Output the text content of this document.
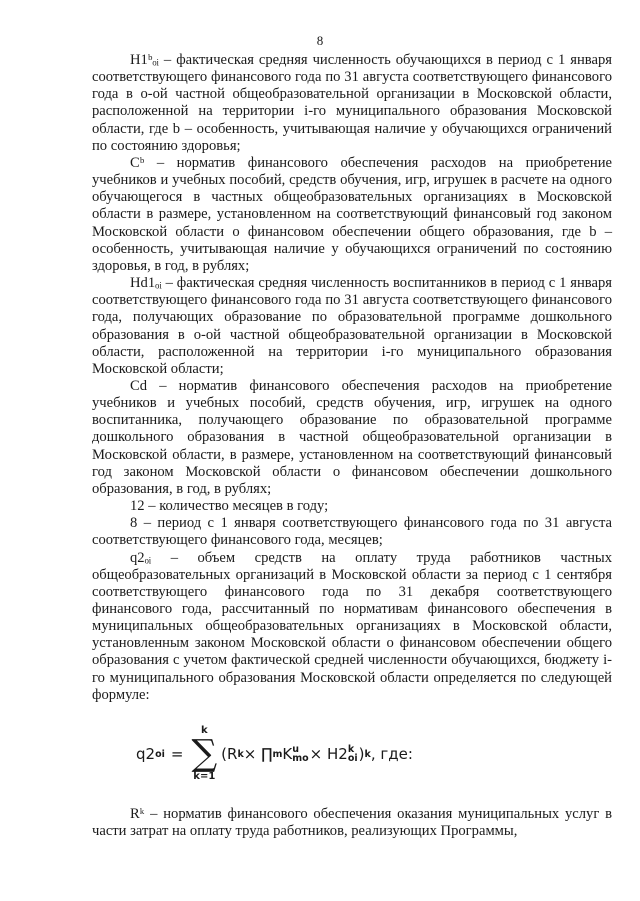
8

H1ᵇₒᵢ – фактическая средняя численность обучающихся в период с 1 января соответствующего финансового года по 31 августа соответствующего финансового года в о-ой частной общеобразовательной организации в Московской области, расположенной на территории i-го муниципального образования Московской области, где b – особенность, учитывающая наличие у обучающихся ограничений по состоянию здоровья;

Сᵇ – норматив финансового обеспечения расходов на приобретение учебников и учебных пособий, средств обучения, игр, игрушек в расчете на одного обучающегося в частных общеобразовательных организациях в Московской области в размере, установленном на соответствующий финансовый год законом Московской области о финансовом обеспечении общего образования, где b – особенность, учитывающая наличие у обучающихся ограничений по состоянию здоровья, в год, в рублях;

Hd1ₒᵢ – фактическая средняя численность воспитанников в период с 1 января соответствующего финансового года по 31 августа соответствующего финансового года, получающих образование по образовательной программе дошкольного образования в о-ой частной общеобразовательной организации в Московской области, расположенной на территории i-го муниципального образования Московской области;

Cd – норматив финансового обеспечения расходов на приобретение учебников и учебных пособий, средств обучения, игр, игрушек на одного воспитанника, получающего образование по образовательной программе дошкольного образования в частной общеобразовательной организации в Московской области, в размере, установленном на соответствующий финансовый год законом Московской области о финансовом обеспечении дошкольного образования, в год, в рублях;

12 – количество месяцев в году;

8 – период с 1 января соответствующего финансового года по 31 августа соответствующего финансового года, месяцев;

q2ₒᵢ – объем средств на оплату труда работников частных общеобразовательных организаций в Московской области за период с 1 сентября соответствующего финансового года по 31 декабря соответствующего финансового года, рассчитанный по нормативам финансового обеспечения в муниципальных общеобразовательных организациях в Московской области, установленным законом Московской области о финансовом обеспечении общего образования с учетом фактической средней численности обучающихся, бюджету i-го муниципального образования Московской области определяется по следующей формуле:

q2 oi =
k
∑
k=1
(R k × ∏ m K u
mo × H2 k
oi ) k , где:

Rᵏ – норматив финансового обеспечения оказания муниципальных услуг в части затрат на оплату труда работников, реализующих Программы,
